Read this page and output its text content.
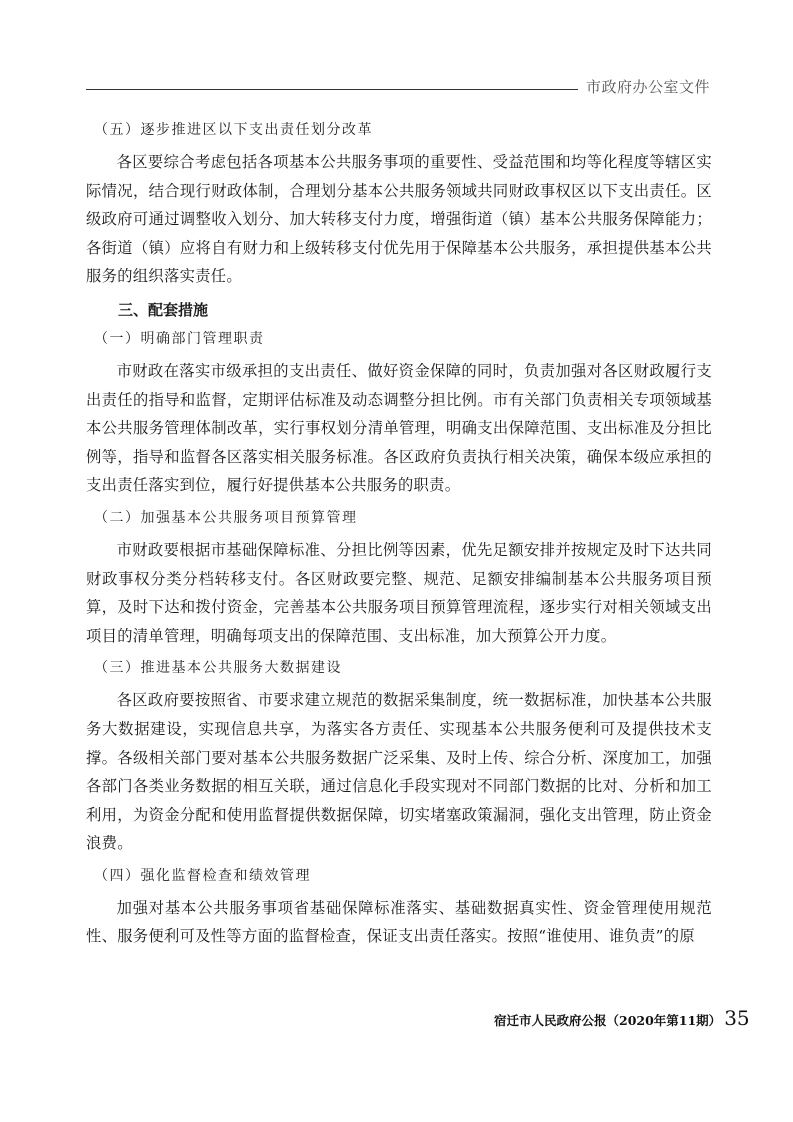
市政府办公室文件
（五）逐步推进区以下支出责任划分改革

各区要综合考虑包括各项基本公共服务事项的重要性、受益范围和均等化程度等辖区实际情况，结合现行财政体制，合理划分基本公共服务领域共同财政事权区以下支出责任。区级政府可通过调整收入划分、加大转移支付力度，增强街道（镇）基本公共服务保障能力；各街道（镇）应将自有财力和上级转移支付优先用于保障基本公共服务，承担提供基本公共服务的组织落实责任。

三、配套措施
（一）明确部门管理职责

市财政在落实市级承担的支出责任、做好资金保障的同时，负责加强对各区财政履行支出责任的指导和监督，定期评估标准及动态调整分担比例。市有关部门负责相关专项领域基本公共服务管理体制改革，实行事权划分清单管理，明确支出保障范围、支出标准及分担比例等，指导和监督各区落实相关服务标准。各区政府负责执行相关决策，确保本级应承担的支出责任落实到位，履行好提供基本公共服务的职责。

（二）加强基本公共服务项目预算管理

市财政要根据市基础保障标准、分担比例等因素，优先足额安排并按规定及时下达共同财政事权分类分档转移支付。各区财政要完整、规范、足额安排编制基本公共服务项目预算，及时下达和拨付资金，完善基本公共服务项目预算管理流程，逐步实行对相关领域支出项目的清单管理，明确每项支出的保障范围、支出标准，加大预算公开力度。

（三）推进基本公共服务大数据建设

各区政府要按照省、市要求建立规范的数据采集制度，统一数据标准，加快基本公共服务大数据建设，实现信息共享，为落实各方责任、实现基本公共服务便利可及提供技术支撑。各级相关部门要对基本公共服务数据广泛采集、及时上传、综合分析、深度加工，加强各部门各类业务数据的相互关联，通过信息化手段实现对不同部门数据的比对、分析和加工利用，为资金分配和使用监督提供数据保障，切实堵塞政策漏洞，强化支出管理，防止资金浪费。

（四）强化监督检查和绩效管理

加强对基本公共服务事项省基础保障标准落实、基础数据真实性、资金管理使用规范性、服务便利可及性等方面的监督检查，保证支出责任落实。按照“谁使用、谁负责”的原

宿迁市人民政府公报（2020年第11期） 35
